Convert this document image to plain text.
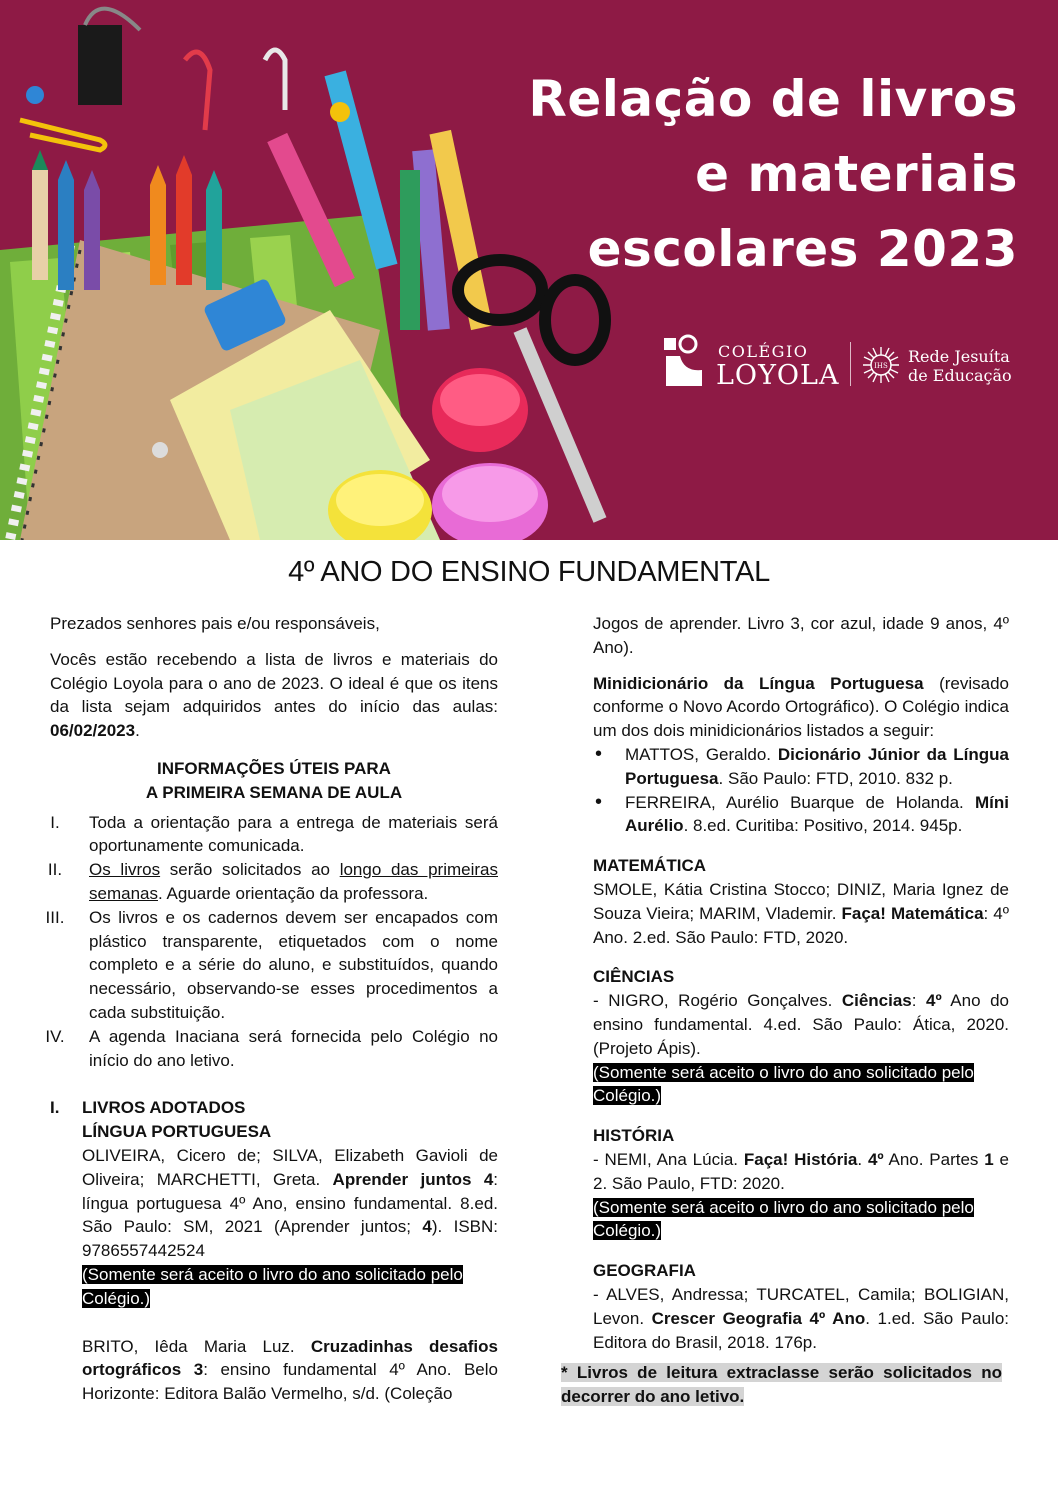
Relação de livros
e materiais
escolares 2023
COLÉGIO
LOYOLA	IHS Rede Jesuíta
de Educação
4º ANO DO ENSINO FUNDAMENTAL

Prezados senhores pais e/ou responsáveis,

Vocês estão recebendo a lista de livros e materiais do Colégio Loyola para o ano de 2023. O ideal é que os itens da lista sejam adquiridos antes do início das aulas: 06/02/2023.

INFORMAÇÕES ÚTEIS PARA
A PRIMEIRA SEMANA DE AULA

I.	Toda a orientação para a entrega de materiais será oportunamente comunicada.
II.	Os livros serão solicitados ao longo das primeiras semanas. Aguarde orientação da professora.
III.	Os livros e os cadernos devem ser encapados com plástico transparente, etiquetados com o nome completo e a série do aluno, e substituídos, quando necessário, observando-se esses procedimentos a cada substituição.
IV.	A agenda Inaciana será fornecida pelo Colégio no início do ano letivo.

I. LIVROS ADOTADOS

LÍNGUA PORTUGUESA

OLIVEIRA, Cicero de; SILVA, Elizabeth Gavioli de Oliveira; MARCHETTI, Greta. Aprender juntos 4: língua portuguesa 4º Ano, ensino fundamental. 8.ed. São Paulo: SM, 2021 (Aprender juntos; 4). ISBN: 9786557442524

(Somente será aceito o livro do ano solicitado pelo Colégio.)

BRITO, Iêda Maria Luz. Cruzadinhas desafios ortográficos 3: ensino fundamental 4º Ano. Belo Horizonte: Editora Balão Vermelho, s/d. (Coleção

Jogos de aprender. Livro 3, cor azul, idade 9 anos, 4º Ano).

Minidicionário da Língua Portuguesa (revisado conforme o Novo Acordo Ortográfico). O Colégio indica um dos dois minidicionários listados a seguir:

• MATTOS, Geraldo. Dicionário Júnior da Língua Portuguesa. São Paulo: FTD, 2010. 832 p.
• FERREIRA, Aurélio Buarque de Holanda. Míni Aurélio. 8.ed. Curitiba: Positivo, 2014. 945p.

MATEMÁTICA

SMOLE, Kátia Cristina Stocco; DINIZ, Maria Ignez de Souza Vieira; MARIM, Vlademir. Faça! Matemática: 4º Ano. 2.ed. São Paulo: FTD, 2020.

CIÊNCIAS

- NIGRO, Rogério Gonçalves. Ciências: 4º Ano do ensino fundamental. 4.ed. São Paulo: Ática, 2020. (Projeto Ápis).

(Somente será aceito o livro do ano solicitado pelo Colégio.)

HISTÓRIA

- NEMI, Ana Lúcia. Faça! História. 4º Ano. Partes 1 e 2. São Paulo, FTD: 2020.

(Somente será aceito o livro do ano solicitado pelo Colégio.)

GEOGRAFIA

- ALVES, Andressa; TURCATEL, Camila; BOLIGIAN, Levon. Crescer Geografia 4º Ano. 1.ed. São Paulo: Editora do Brasil, 2018. 176p.

* Livros de leitura extraclasse serão solicitados no decorrer do ano letivo.
